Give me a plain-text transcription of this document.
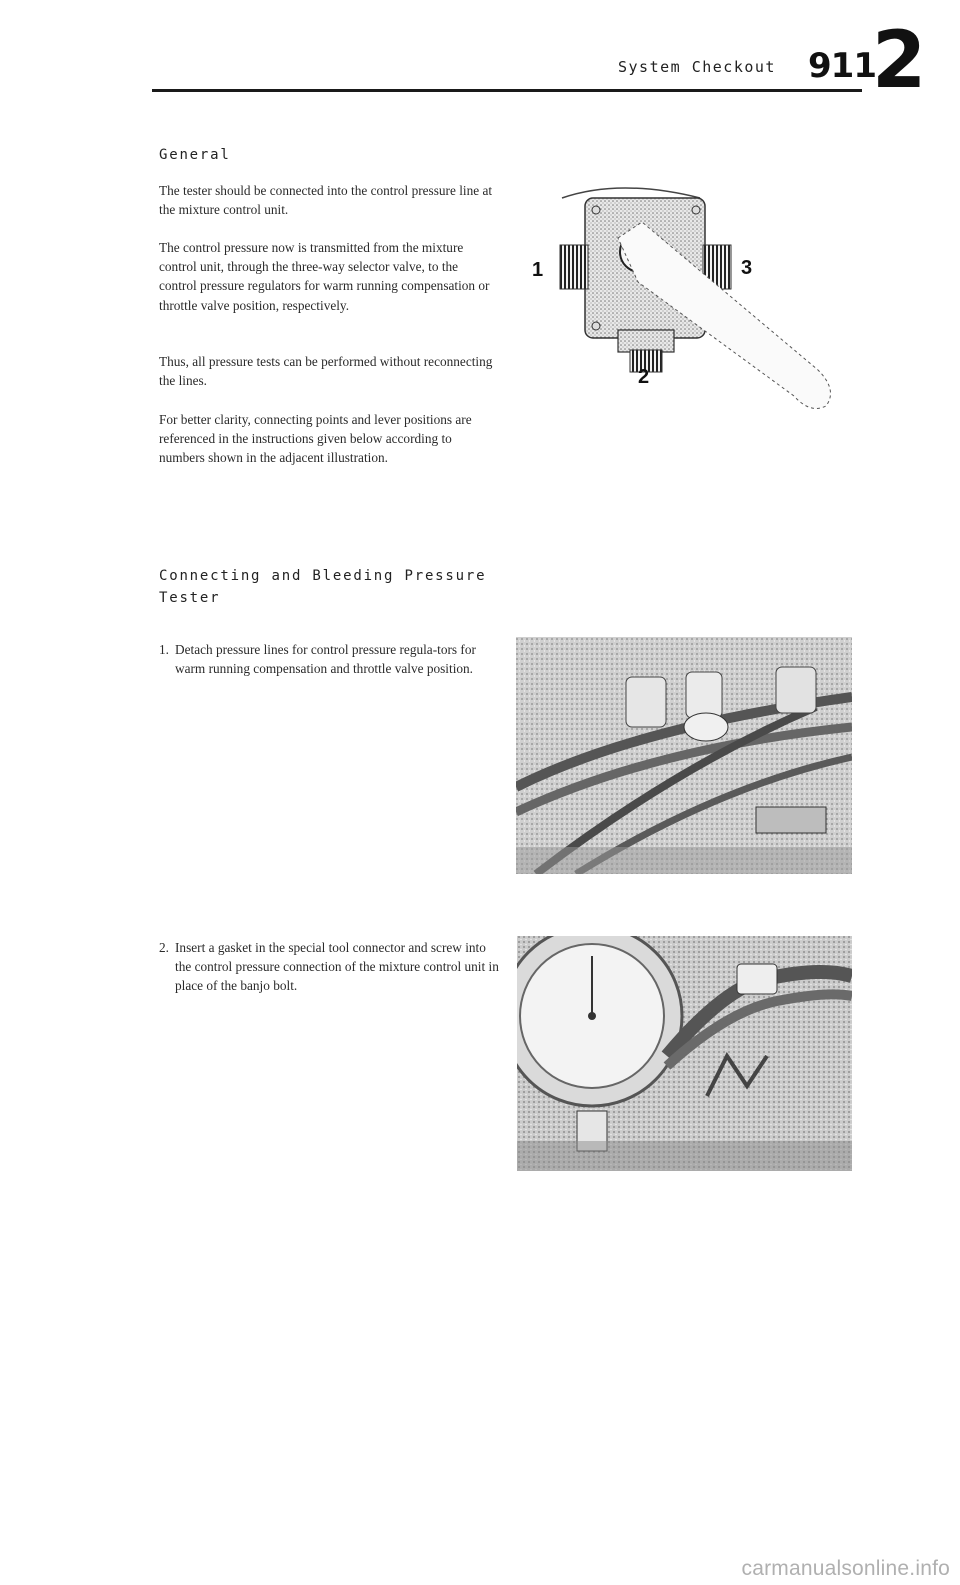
System Checkout 911
2
General

The tester should be connected into the control pressure line at the mixture control unit.

The control pressure now is transmitted from the mixture control unit, through the three-way selector valve, to the control pressure regulators for warm running compensation or throttle valve position, respectively.

Thus, all pressure tests can be performed without reconnecting the lines.

For better clarity, connecting points and lever positions are referenced in the instructions given below according to numbers shown in the adjacent illustration.

1
2
3
Connecting and Bleeding Pressure
Tester
1. Detach pressure lines for control pressure regula-tors for warm running compensation and throttle valve position.
2. Insert a gasket in the special tool connector and screw into the control pressure connection of the mixture control unit in place of the banjo bolt.
carmanualsonline.info
